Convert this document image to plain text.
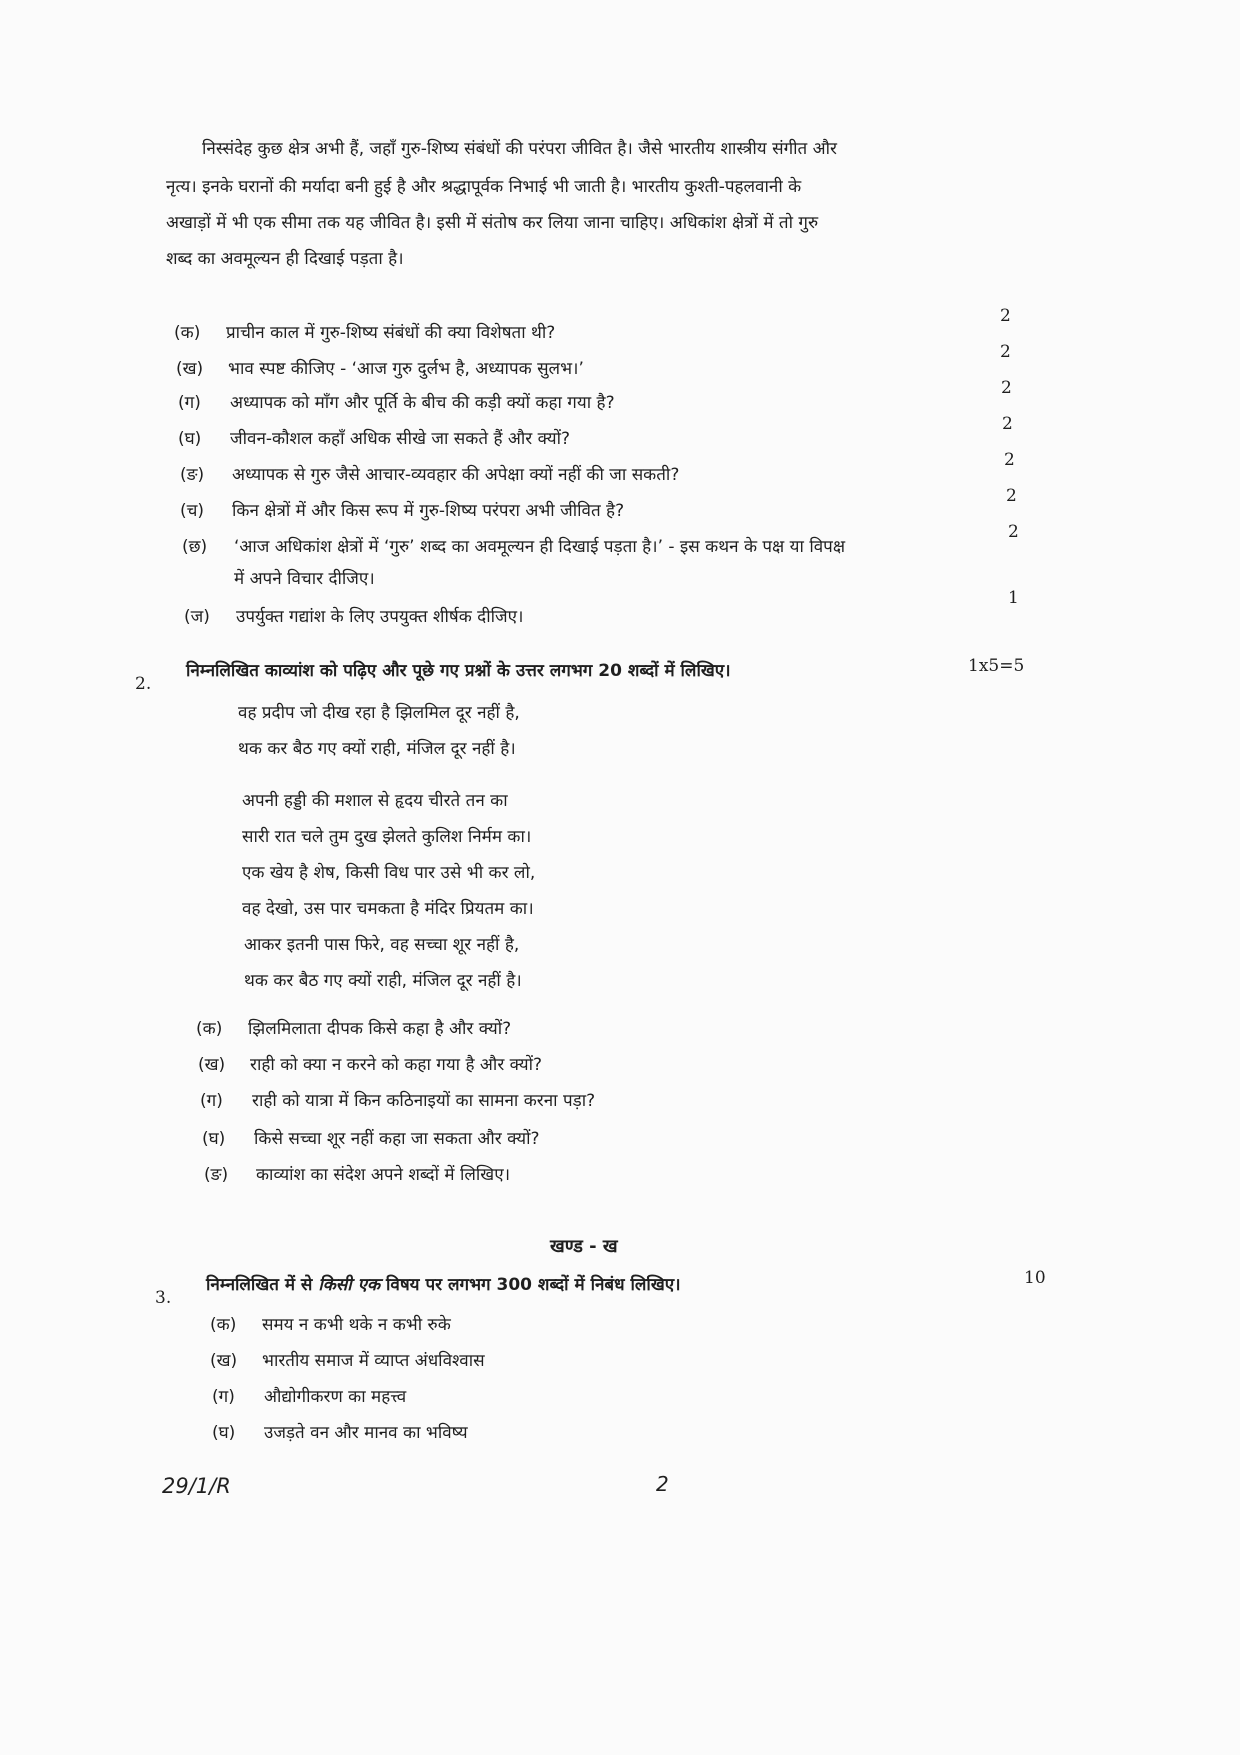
निस्संदेह कुछ क्षेत्र अभी हैं, जहाँ गुरु-शिष्य संबंधों की परंपरा जीवित है। जैसे भारतीय शास्त्रीय संगीत और
नृत्य। इनके घरानों की मर्यादा बनी हुई है और श्रद्धापूर्वक निभाई भी जाती है। भारतीय कुश्ती-पहलवानी के
अखाड़ों में भी एक सीमा तक यह जीवित है। इसी में संतोष कर लिया जाना चाहिए। अधिकांश क्षेत्रों में तो गुरु
शब्द का अवमूल्यन ही दिखाई पड़ता है।
(क) प्राचीन काल में गुरु-शिष्य संबंधों की क्या विशेषता थी?
2
(ख) भाव स्पष्ट कीजिए - ‘आज गुरु दुर्लभ है, अध्यापक सुलभ।’
2
(ग) अध्यापक को माँग और पूर्ति के बीच की कड़ी क्यों कहा गया है?
2
(घ) जीवन-कौशल कहाँ अधिक सीखे जा सकते हैं और क्यों?
2
(ङ) अध्यापक से गुरु जैसे आचार-व्यवहार की अपेक्षा क्यों नहीं की जा सकती?
2
(च) किन क्षेत्रों में और किस रूप में गुरु-शिष्य परंपरा अभी जीवित है?
2
(छ) ‘आज अधिकांश क्षेत्रों में ‘गुरु’ शब्द का अवमूल्यन ही दिखाई पड़ता है।’ - इस कथन के पक्ष या विपक्ष
में अपने विचार दीजिए।
2
(ज) उपर्युक्त गद्यांश के लिए उपयुक्त शीर्षक दीजिए।
1
2.
निम्नलिखित काव्यांश को पढ़िए और पूछे गए प्रश्नों के उत्तर लगभग 20 शब्दों में लिखिए।	1x5=5
वह प्रदीप जो दीख रहा है झिलमिल दूर नहीं है,
थक कर बैठ गए क्यों राही, मंजिल दूर नहीं है।
अपनी हड्डी की मशाल से हृदय चीरते तन का
सारी रात चले तुम दुख झेलते कुलिश निर्मम का।
एक खेय है शेष, किसी विध पार उसे भी कर लो,
वह देखो, उस पार चमकता है मंदिर प्रियतम का।
आकर इतनी पास फिरे, वह सच्चा शूर नहीं है,
थक कर बैठ गए क्यों राही, मंजिल दूर नहीं है।
(क) झिलमिलाता दीपक किसे कहा है और क्यों?
(ख) राही को क्या न करने को कहा गया है और क्यों?
(ग) राही को यात्रा में किन कठिनाइयों का सामना करना पड़ा?
(घ) किसे सच्चा शूर नहीं कहा जा सकता और क्यों?
(ङ) काव्यांश का संदेश अपने शब्दों में लिखिए।
खण्ड - ख
3.
निम्नलिखित में से किसी एक विषय पर लगभग 300 शब्दों में निबंध लिखिए।	10
(क) समय न कभी थके न कभी रुके
(ख) भारतीय समाज में व्याप्त अंधविश्वास
(ग) औद्योगीकरण का महत्त्व
(घ) उजड़ते वन और मानव का भविष्य
29/1/R	2
